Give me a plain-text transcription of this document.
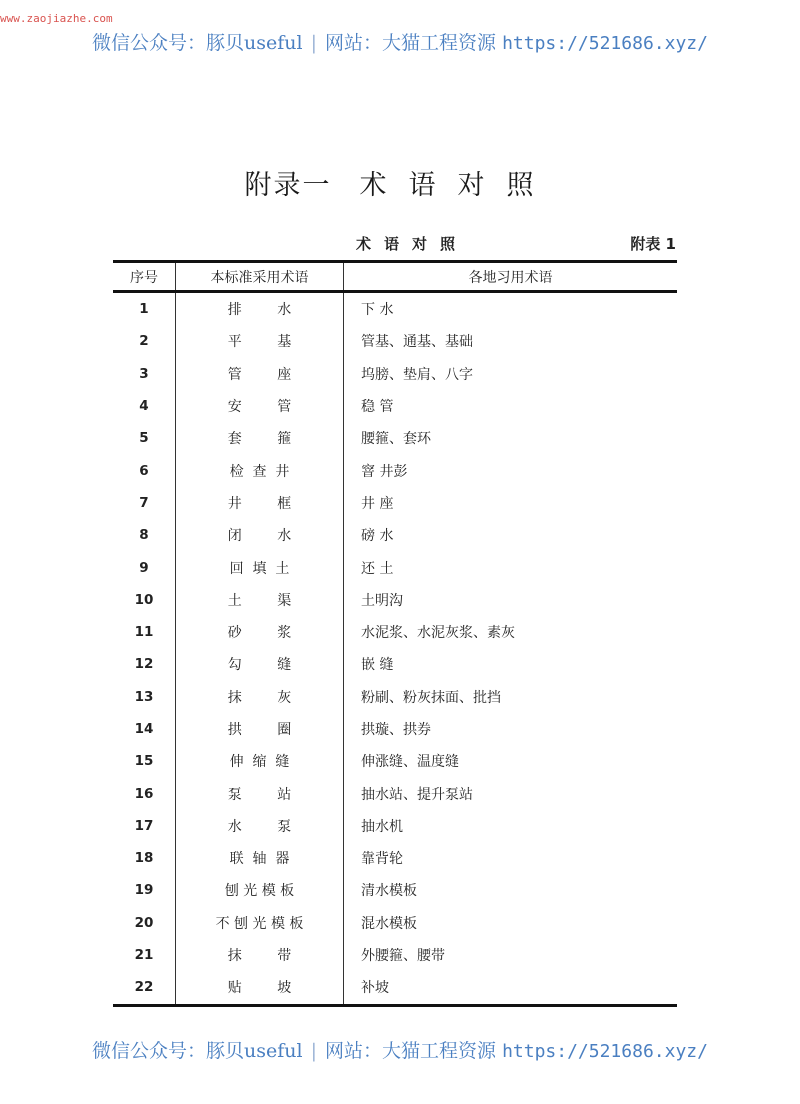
www.zaojiazhe.com
微信公众号：豚贝useful | 网站：大猫工程资源 https://521686.xyz/
附录一 术语对照
术语对照	附表 1
序号	本标准采用术语	各地习用术语
1	排        水	下 水
2	平        基	管基、通基、基础
3	管        座	坞膀、垫肩、八字
4	安        管	稳 管
5	套        箍	腰箍、套环
6	检  查  井	窨 井彭
7	井        框	井 座
8	闭        水	磅 水
9	回  填  土	还 土
10	土        渠	土明沟
11	砂        浆	水泥浆、水泥灰浆、素灰
12	勾        缝	嵌 缝
13	抹        灰	粉刷、粉灰抹面、批挡
14	拱        圈	拱璇、拱券
15	伸  缩  缝	伸涨缝、温度缝
16	泵        站	抽水站、提升泵站
17	水        泵	抽水机
18	联  轴  器	靠背轮
19	刨 光 模 板	清水模板
20	不 刨 光 模 板	混水模板
21	抹        带	外腰箍、腰带
22	贴        坡	补坡
微信公众号：豚贝useful | 网站：大猫工程资源 https://521686.xyz/
